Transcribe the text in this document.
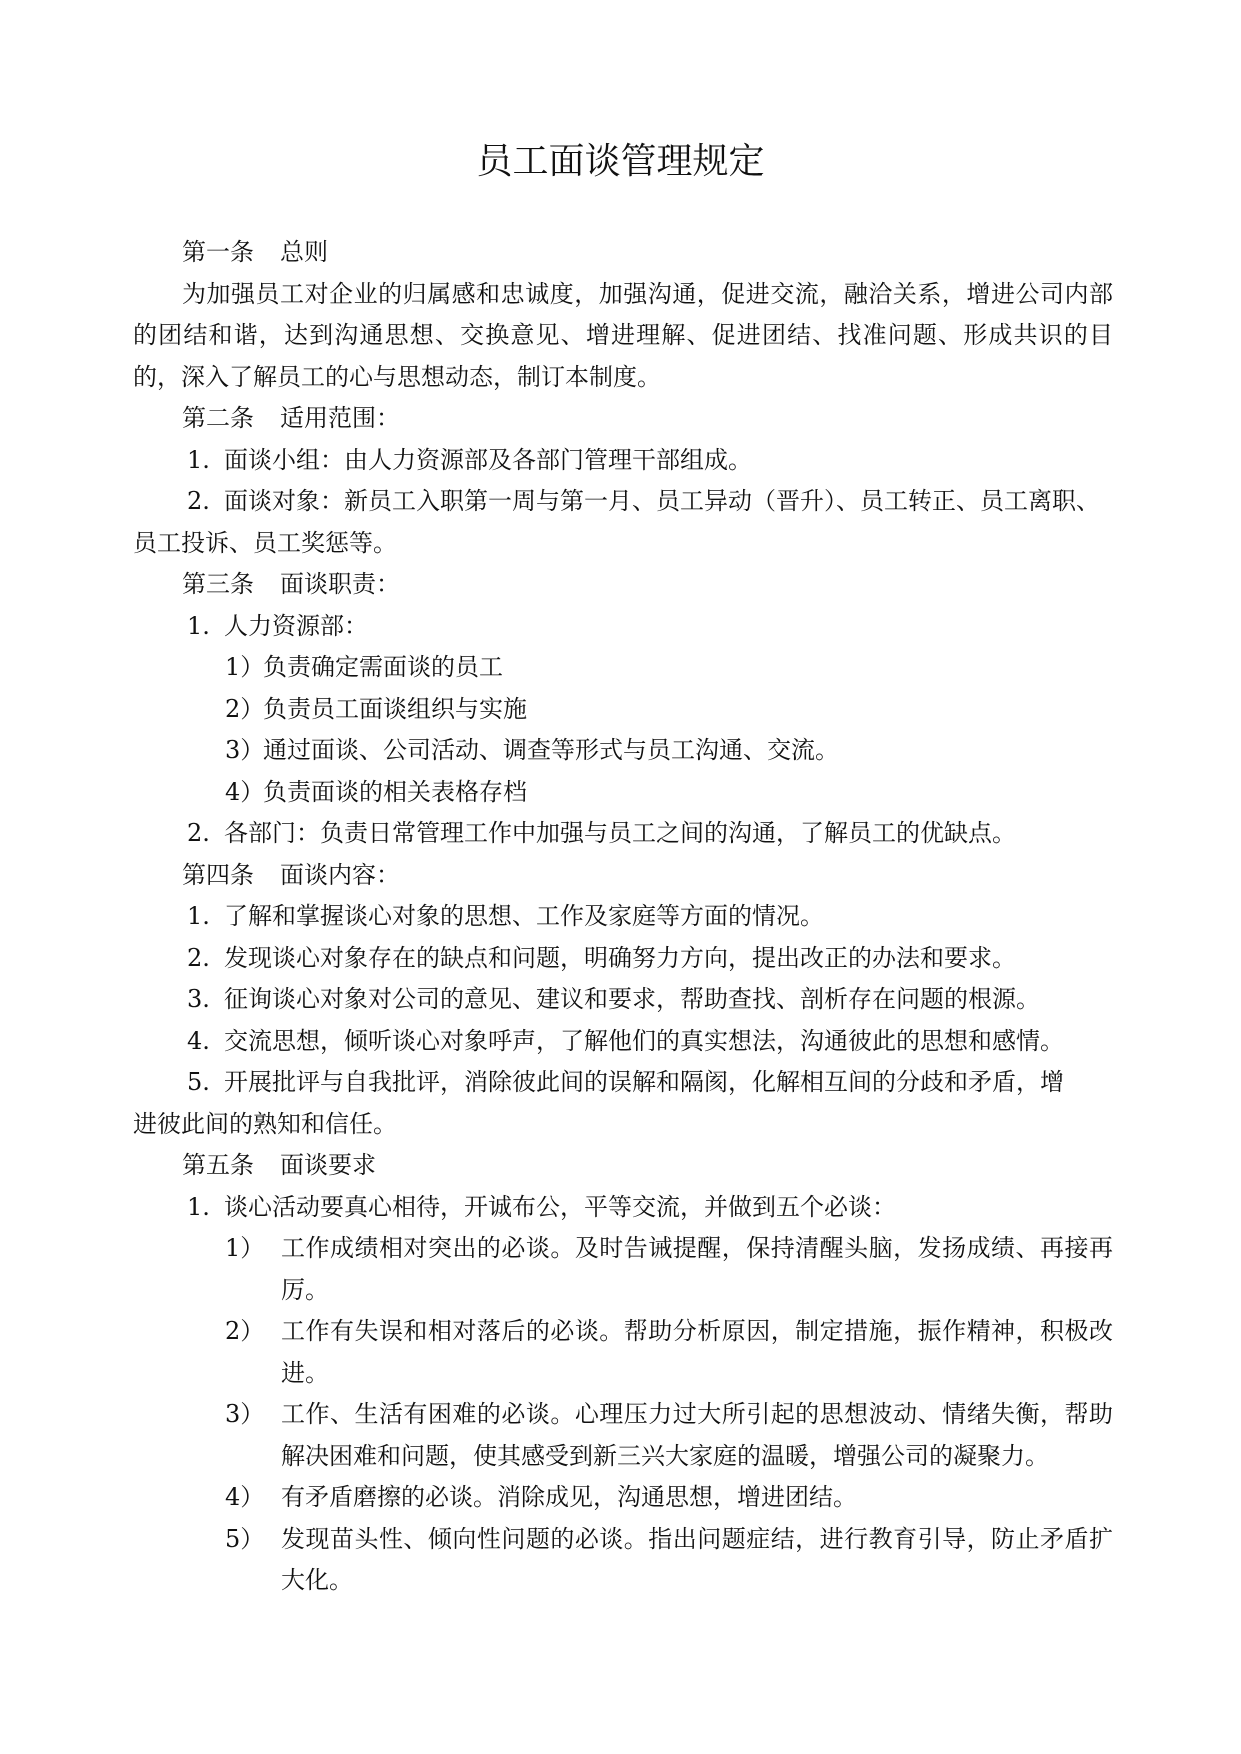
员工面谈管理规定
第一条 总则

为加强员工对企业的归属感和忠诚度，加强沟通，促进交流，融洽关系，增进公司内部的团结和谐，达到沟通思想、交换意见、增进理解、促进团结、找准问题、形成共识的目的，深入了解员工的心与思想动态，制订本制度。

第二条 适用范围：
1. 面谈小组：由人力资源部及各部门管理干部组成。
2. 面谈对象：新员工入职第一周与第一月、员工异动（晋升）、员工转正、员工离职、
员工投诉、员工奖惩等。
第三条 面谈职责：
1. 人力资源部：
1）负责确定需面谈的员工
2）负责员工面谈组织与实施
3）通过面谈、公司活动、调查等形式与员工沟通、交流。
4）负责面谈的相关表格存档
2. 各部门：负责日常管理工作中加强与员工之间的沟通，了解员工的优缺点。
第四条 面谈内容：
1. 了解和掌握谈心对象的思想、工作及家庭等方面的情况。
2. 发现谈心对象存在的缺点和问题，明确努力方向，提出改正的办法和要求。
3. 征询谈心对象对公司的意见、建议和要求，帮助查找、剖析存在问题的根源。
4. 交流思想，倾听谈心对象呼声，了解他们的真实想法，沟通彼此的思想和感情。
5. 开展批评与自我批评，消除彼此间的误解和隔阂，化解相互间的分歧和矛盾，增
进彼此间的熟知和信任。
第五条 面谈要求
1. 谈心活动要真心相待，开诚布公，平等交流，并做到五个必谈：
1） 工作成绩相对突出的必谈。及时告诫提醒，保持清醒头脑，发扬成绩、再接再厉。
2） 工作有失误和相对落后的必谈。帮助分析原因，制定措施，振作精神，积极改进。
3） 工作、生活有困难的必谈。心理压力过大所引起的思想波动、情绪失衡，帮助解决困难和问题，使其感受到新三兴大家庭的温暖，增强公司的凝聚力。
4） 有矛盾磨擦的必谈。消除成见，沟通思想，增进团结。
5） 发现苗头性、倾向性问题的必谈。指出问题症结，进行教育引导，防止矛盾扩大化。
